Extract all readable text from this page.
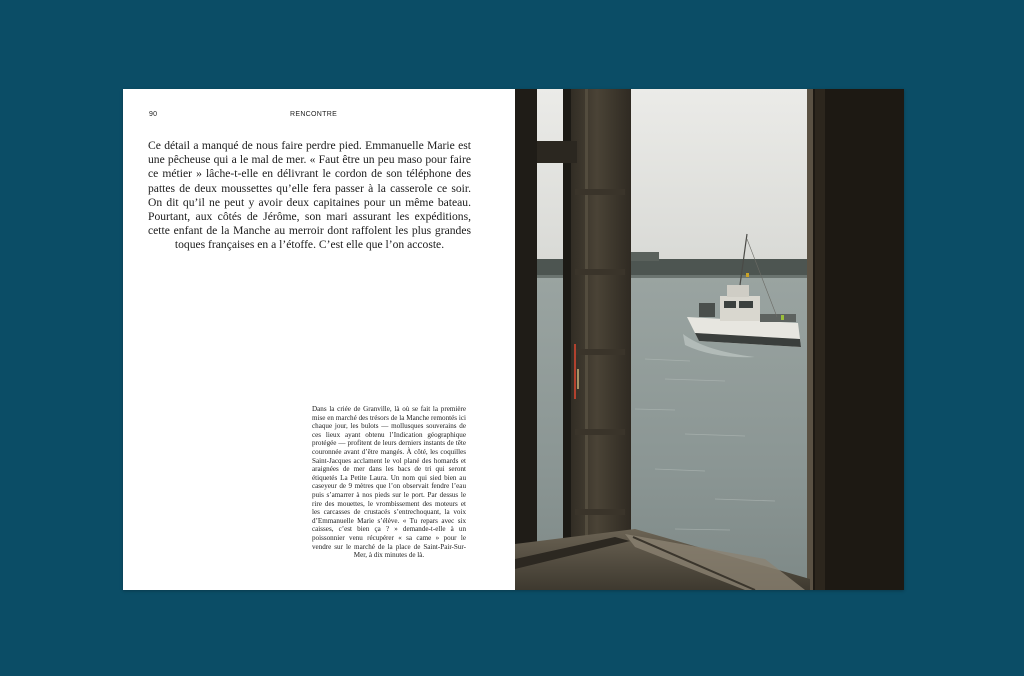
90	RENCONTRE

Ce détail a manqué de nous faire perdre pied. Emmanuelle Marie est une pêcheuse qui a le mal de mer. « Faut être un peu maso pour faire ce métier » lâche-t-elle en délivrant le cordon de son téléphone des pattes de deux moussettes qu’elle fera passer à la casserole ce soir. On dit qu’il ne peut y avoir deux capitaines pour un même bateau. Pourtant, aux côtés de Jérôme, son mari assurant les expéditions, cette enfant de la Manche au merroir dont raffolent les plus grandes toques françaises en a l’étoffe. C’est elle que l’on accoste.

Dans la criée de Granville, là où se fait la première mise en marché des trésors de la Manche remontés ici chaque jour, les bulots — mollusques souverains de ces lieux ayant obtenu l’Indication géographique protégée — profitent de leurs derniers instants de tête couronnée avant d’être mangés. À côté, les coquilles Saint-Jacques acclament le vol plané des homards et araignées de mer dans les bacs de tri qui seront étiquetés La Petite Laura. Un nom qui sied bien au caseyeur de 9 mètres que l’on observait fendre l’eau puis s’amarrer à nos pieds sur le port. Par dessus le rire des mouettes, le vrombissement des moteurs et les carcasses de crustacés s’entrechoquant, la voix d’Emmanuelle Marie s’élève. « Tu repars avec six caisses, c’est bien ça ? » demande-t-elle à un poissonnier venu récupérer « sa came » pour le vendre sur le marché de la place de Saint-Pair-Sur-Mer, à dix minutes de là.
